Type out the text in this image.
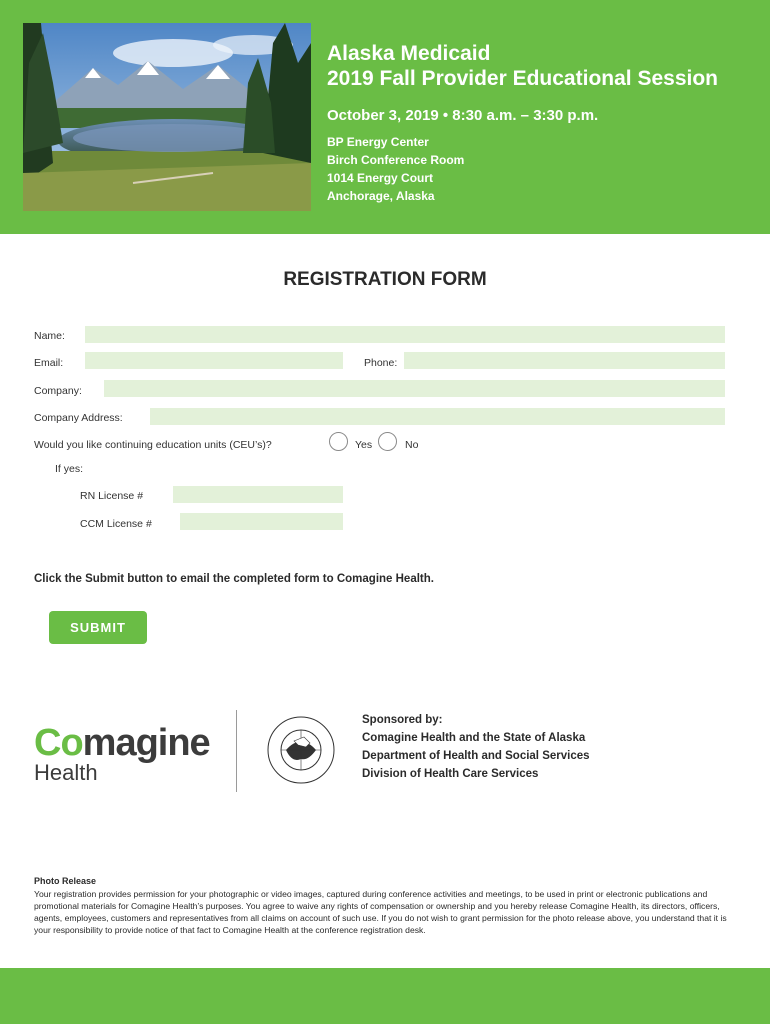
Alaska Medicaid
2019 Fall Provider Educational Session
October 3, 2019 • 8:30 a.m. – 3:30 p.m.
BP Energy Center
Birch Conference Room
1014 Energy Court
Anchorage, Alaska
REGISTRATION FORM
Name:
Email:	Phone:
Company:
Company Address:
Would you like continuing education units (CEU’s)?	Yes	No
If yes:
RN License #
CCM License #
Click the Submit button to email the completed form to Comagine Health.
SUBMIT
Comagine
Health
Sponsored by:
Comagine Health and the State of Alaska
Department of Health and Social Services
Division of Health Care Services
Photo Release
Your registration provides permission for your photographic or video images, captured during conference activities and meetings, to be used in print or electronic publications and promotional materials for Comagine Health’s purposes. You agree to waive any rights of compensation or ownership and you hereby release Comagine Health, its directors, officers, agents, employees, customers and representatives from all claims on account of such use. If you do not wish to grant permission for the photo release above, you understand that it is your responsibility to provide notice of that fact to Comagine Health at the conference registration desk.
